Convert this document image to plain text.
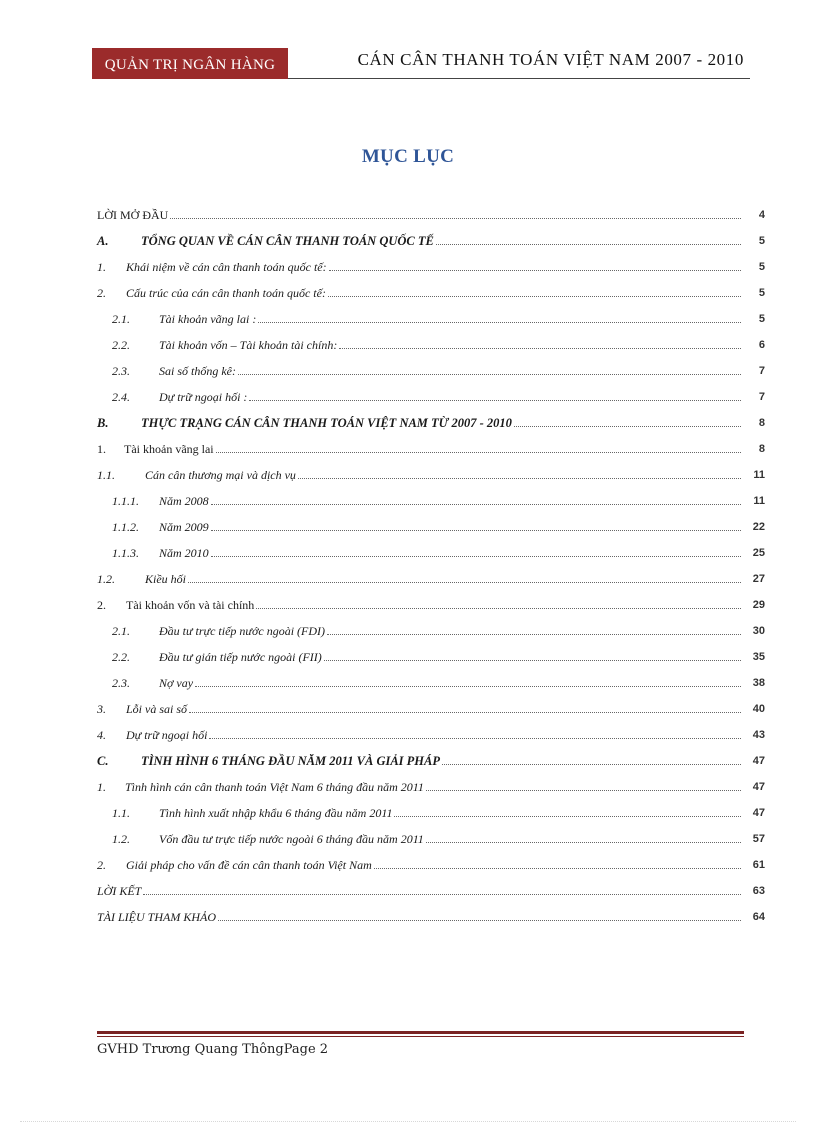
QUẢN TRỊ NGÂN HÀNG	CÁN CÂN THANH TOÁN VIỆT NAM 2007 - 2010
MỤC LỤC
LỜI MỞ ĐẦU	4
A.	TỔNG QUAN VỀ CÁN CÂN THANH TOÁN QUỐC TẾ	5
1.	Khái niệm về cán cân thanh toán quốc tế:	5
2.	Cấu trúc của cán cân thanh toán quốc tế:	5
2.1.	Tài khoản vãng lai :	5
2.2.	Tài khoản vốn – Tài khoản tài chính:	6
2.3.	Sai số thống kê:	7
2.4.	Dự trữ ngoại hối :	7
B.	THỰC TRẠNG CÁN CÂN THANH TOÁN VIỆT NAM TỪ 2007 - 2010	8
1.	Tài khoản vãng lai	8
1.1.	Cán cân thương mại và dịch vụ	11
1.1.1.	Năm 2008	11
1.1.2.	Năm 2009	22
1.1.3.	Năm 2010	25
1.2.	Kiều hối	27
2.	Tài khoản vốn và tài chính	29
2.1.	Đầu tư trực tiếp nước ngoài (FDI)	30
2.2.	Đầu tư gián tiếp nước ngoài (FII)	35
2.3.	Nợ vay	38
3.	Lỗi và sai số	40
4.	Dự trữ ngoại hối	43
C.	TÌNH HÌNH 6 THÁNG ĐẦU NĂM 2011 VÀ GIẢI PHÁP	47
1.	Tình hình cán cân thanh toán Việt Nam 6 tháng đầu năm 2011	47
1.1.	Tình hình xuất nhập khẩu 6 tháng đầu năm 2011	47
1.2.	Vốn đầu tư trực tiếp nước ngoài 6 tháng đầu năm 2011	57
2.	Giải pháp cho vấn đề cán cân thanh toán Việt Nam	61
LỜI KẾT	63
TÀI LIỆU THAM KHẢO	64
GVHD Trương Quang ThôngPage 2
